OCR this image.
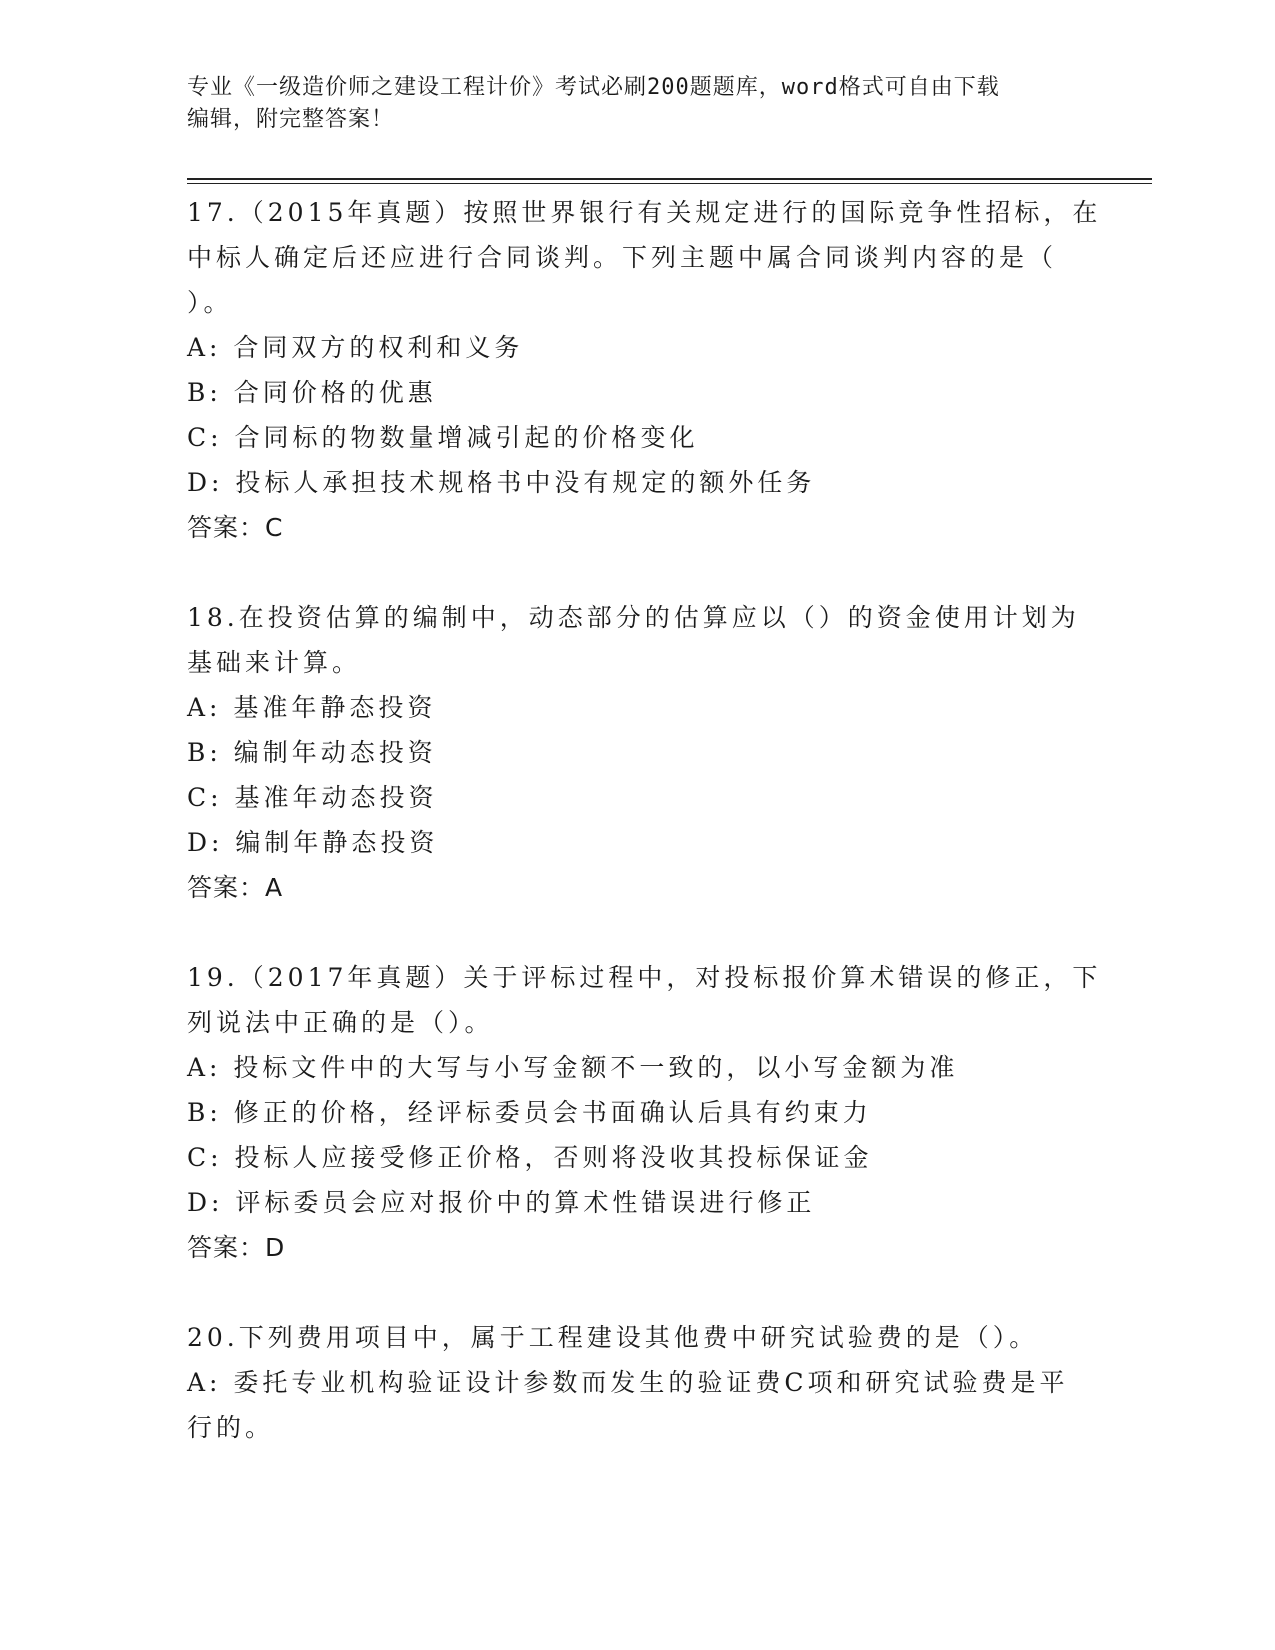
专业《一级造价师之建设工程计价》考试必刷200题题库，word格式可自由下载
编辑，附完整答案！
17.（2015年真题）按照世界银行有关规定进行的国际竞争性招标，在
中标人确定后还应进行合同谈判。下列主题中属合同谈判内容的是（
）。
A: 合同双方的权利和义务
B: 合同价格的优惠
C: 合同标的物数量增减引起的价格变化
D: 投标人承担技术规格书中没有规定的额外任务
答案：C
18.在投资估算的编制中，动态部分的估算应以（）的资金使用计划为
基础来计算。
A: 基准年静态投资
B: 编制年动态投资
C: 基准年动态投资
D: 编制年静态投资
答案：A
19.（2017年真题）关于评标过程中，对投标报价算术错误的修正，下
列说法中正确的是（）。
A: 投标文件中的大写与小写金额不一致的，以小写金额为准
B: 修正的价格，经评标委员会书面确认后具有约束力
C: 投标人应接受修正价格，否则将没收其投标保证金
D: 评标委员会应对报价中的算术性错误进行修正
答案：D
20.下列费用项目中，属于工程建设其他费中研究试验费的是（）。
A: 委托专业机构验证设计参数而发生的验证费C项和研究试验费是平
行的。
